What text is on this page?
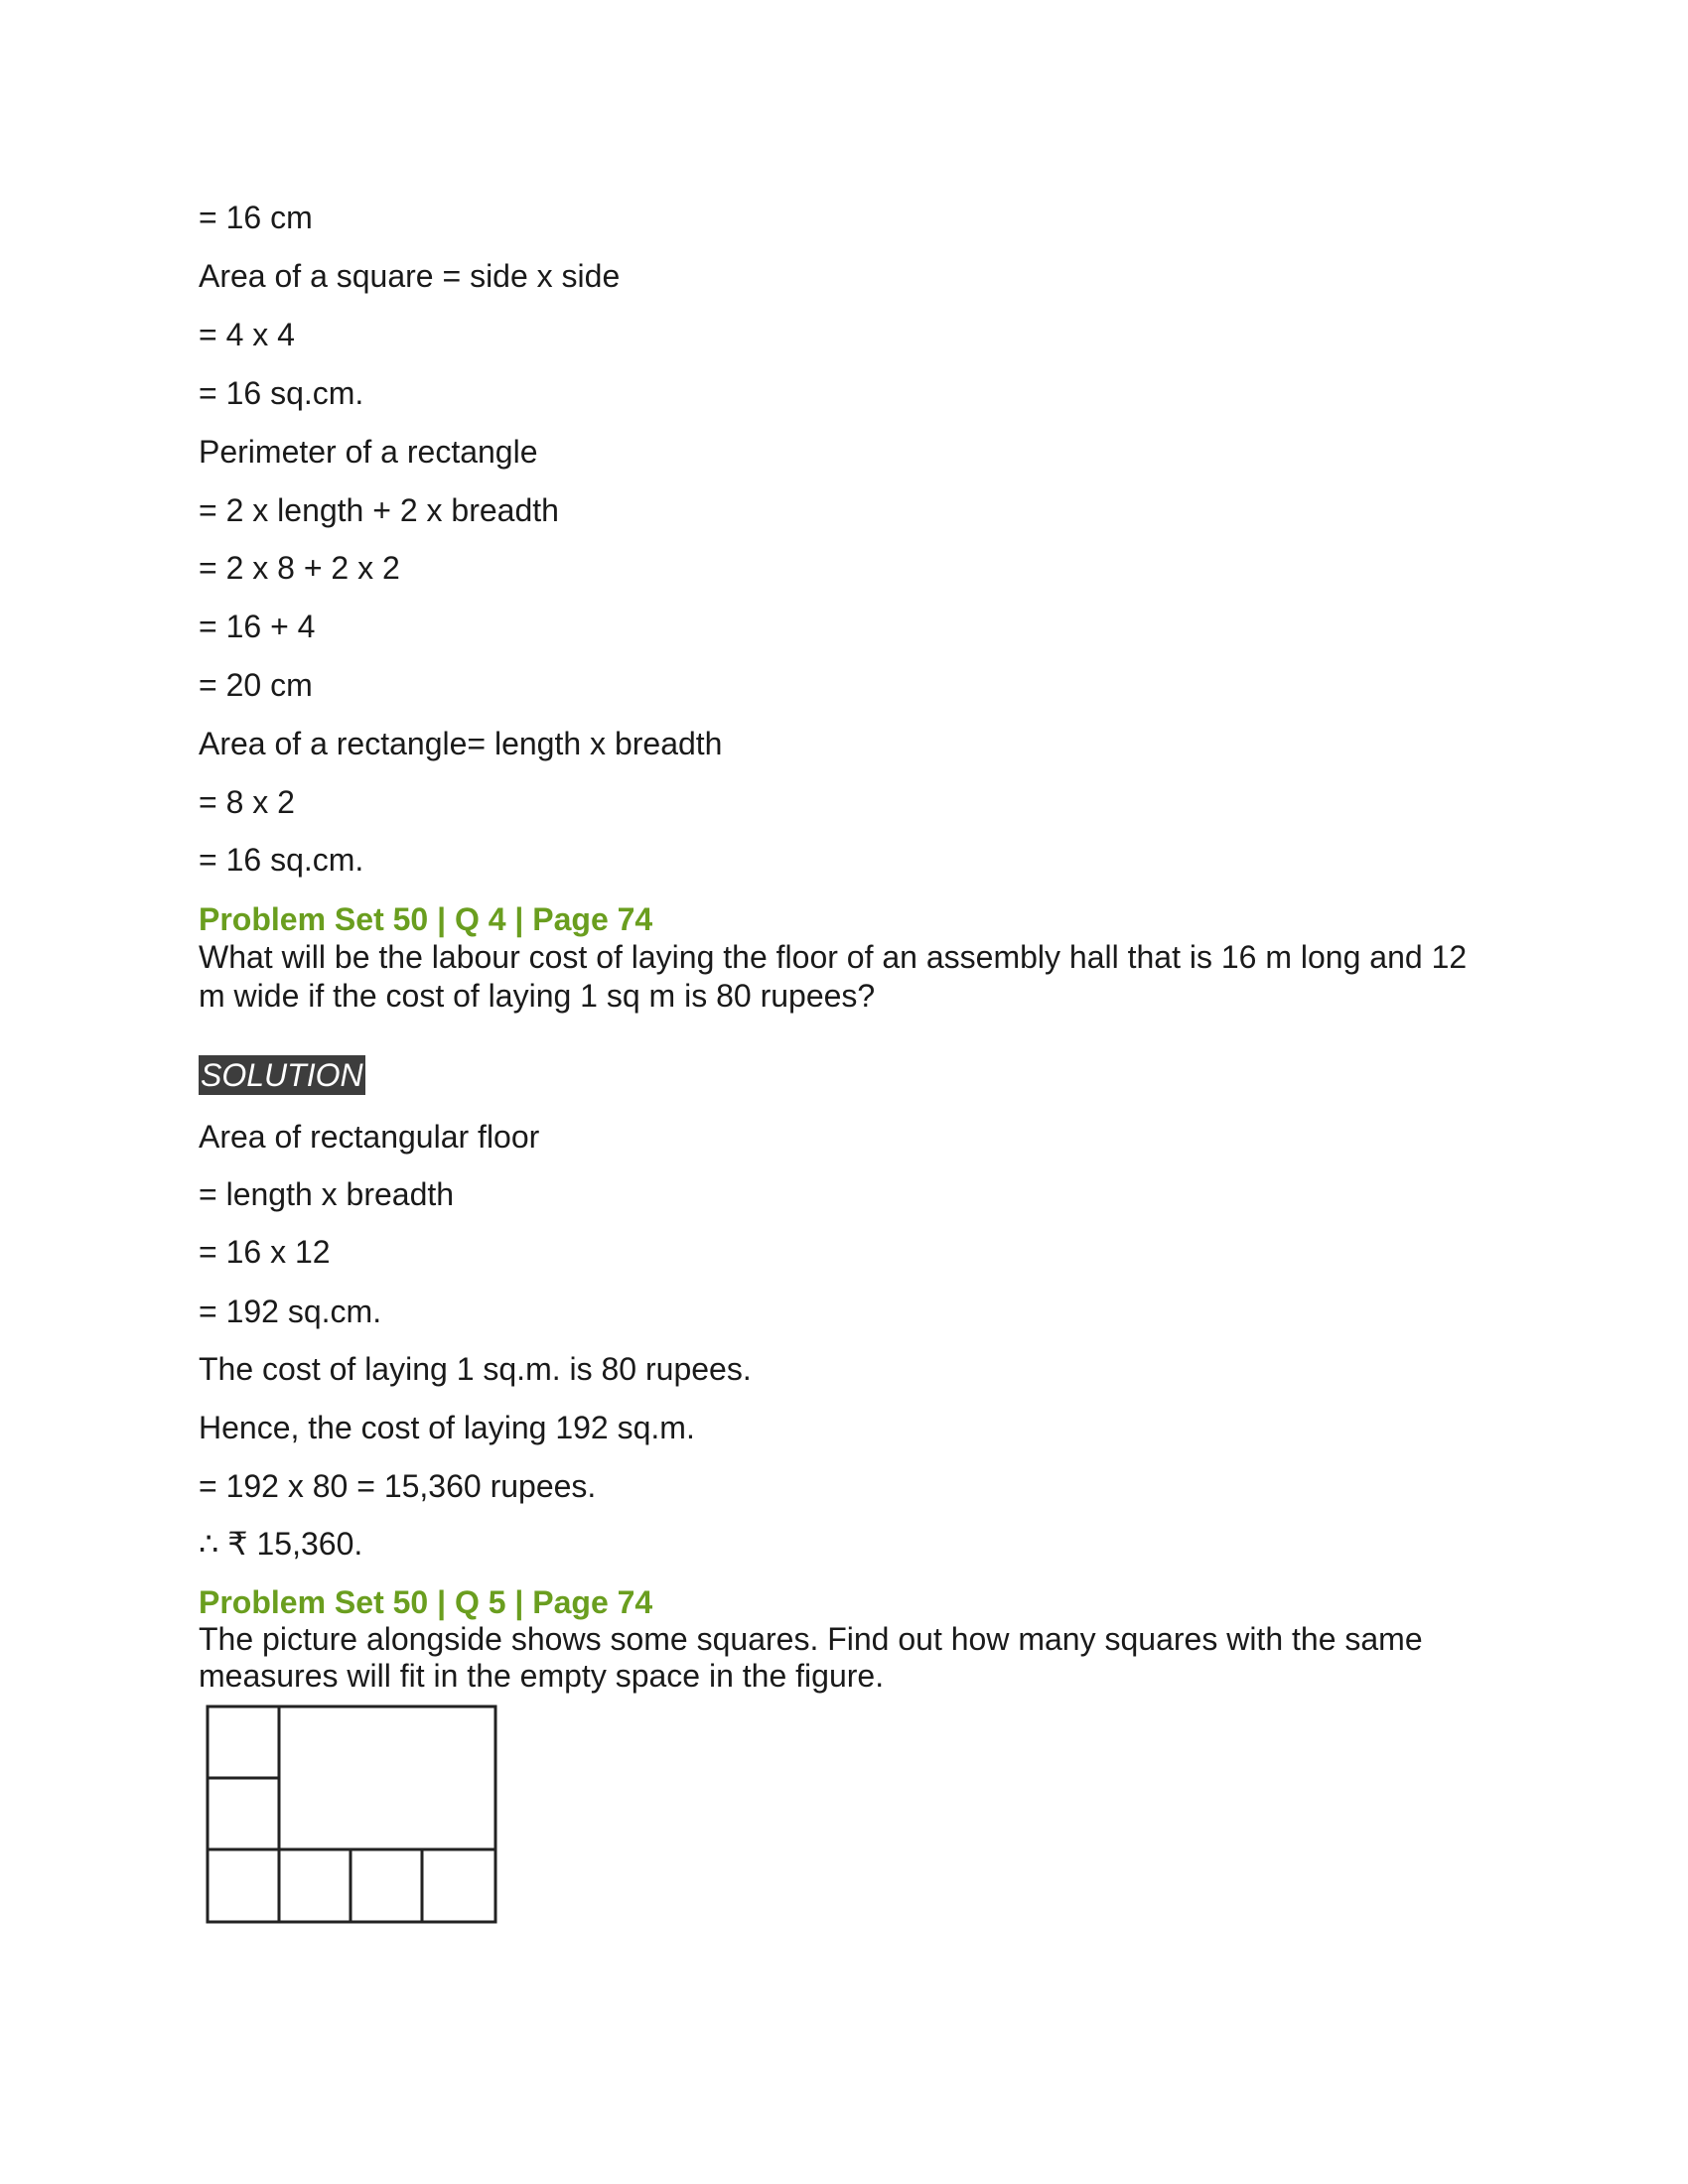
= 16 cm
Area of a square = side x side
= 4 x 4
= 16 sq.cm.
Perimeter of a rectangle
= 2 x length + 2 x breadth
= 2 x 8 + 2 x 2
= 16 + 4
= 20 cm
Area of a rectangle= length x breadth
= 8 x 2
= 16 sq.cm.
Problem Set 50 | Q 4 | Page 74
What will be the labour cost of laying the floor of an assembly hall that is 16 m long and 12 m wide if the cost of laying 1 sq m is 80 rupees?
SOLUTION
Area of rectangular floor
= length x breadth
= 16 x 12
= 192 sq.cm.
The cost of laying 1 sq.m. is 80 rupees.
Hence, the cost of laying 192 sq.m.
= 192 x 80 = 15,360 rupees.
∴ ₹ 15,360.
Problem Set 50 | Q 5 | Page 74
The picture alongside shows some squares. Find out how many squares with the same measures will fit in the empty space in the figure.
